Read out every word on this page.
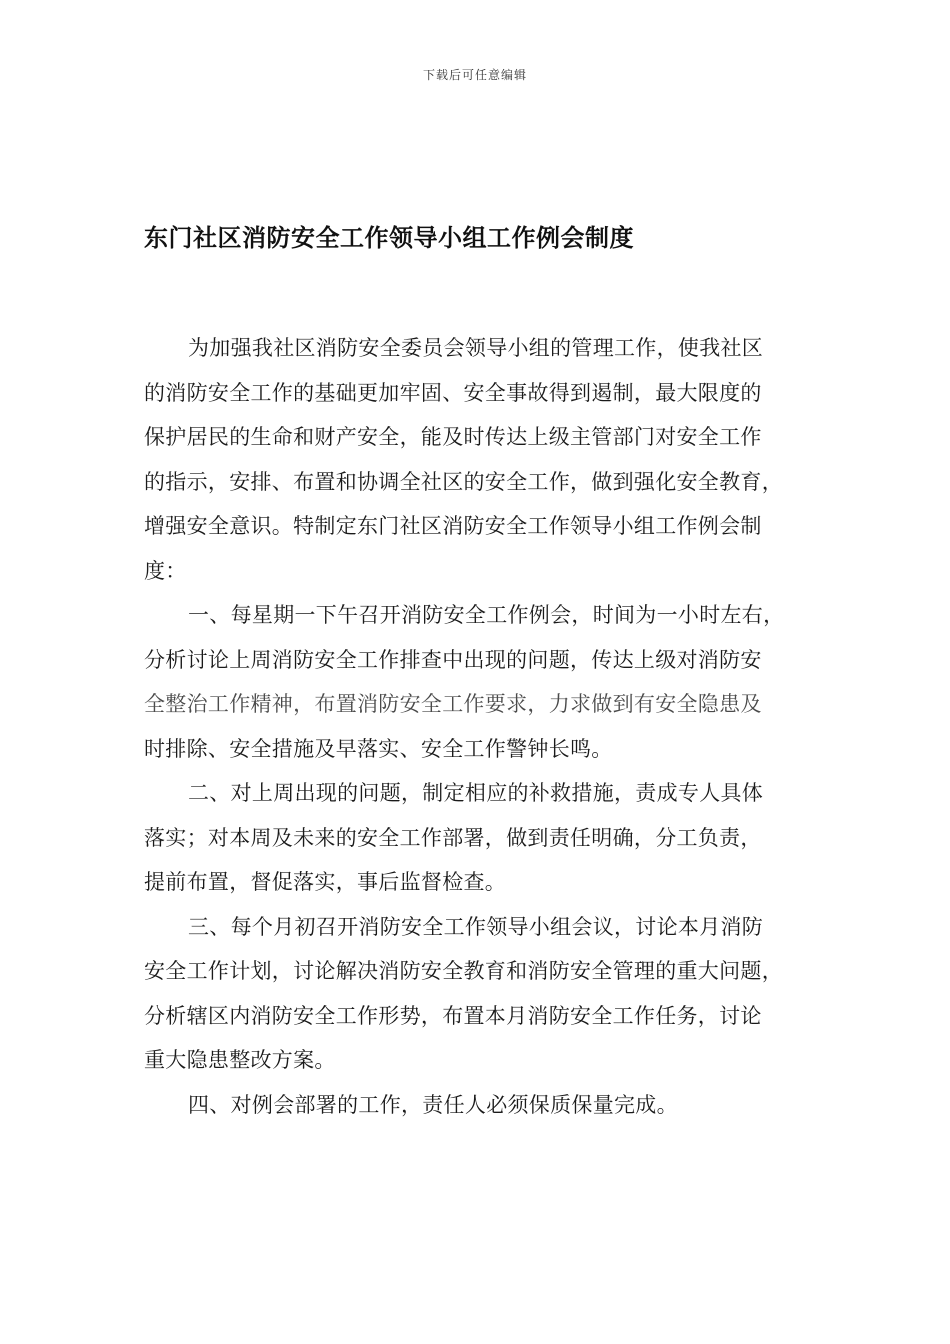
下载后可任意编辑
东门社区消防安全工作领导小组工作例会制度
为加强我社区消防安全委员会领导小组的管理工作，使我社区
的消防安全工作的基础更加牢固、安全事故得到遏制，最大限度的
保护居民的生命和财产安全，能及时传达上级主管部门对安全工作
的指示，安排、布置和协调全社区的安全工作，做到强化安全教育，
增强安全意识。特制定东门社区消防安全工作领导小组工作例会制
度：
一、每星期一下午召开消防安全工作例会，时间为一小时左右，
分析讨论上周消防安全工作排查中出现的问题，传达上级对消防安
全整治工作精神，布置消防安全工作要求，力求做到有安全隐患及
时排除、安全措施及早落实、安全工作警钟长鸣。
二、对上周出现的问题，制定相应的补救措施，责成专人具体
落实；对本周及未来的安全工作部署，做到责任明确，分工负责，
提前布置，督促落实，事后监督检查。
三、每个月初召开消防安全工作领导小组会议，讨论本月消防
安全工作计划，讨论解决消防安全教育和消防安全管理的重大问题，
分析辖区内消防安全工作形势，布置本月消防安全工作任务，讨论
重大隐患整改方案。
四、对例会部署的工作，责任人必须保质保量完成。
